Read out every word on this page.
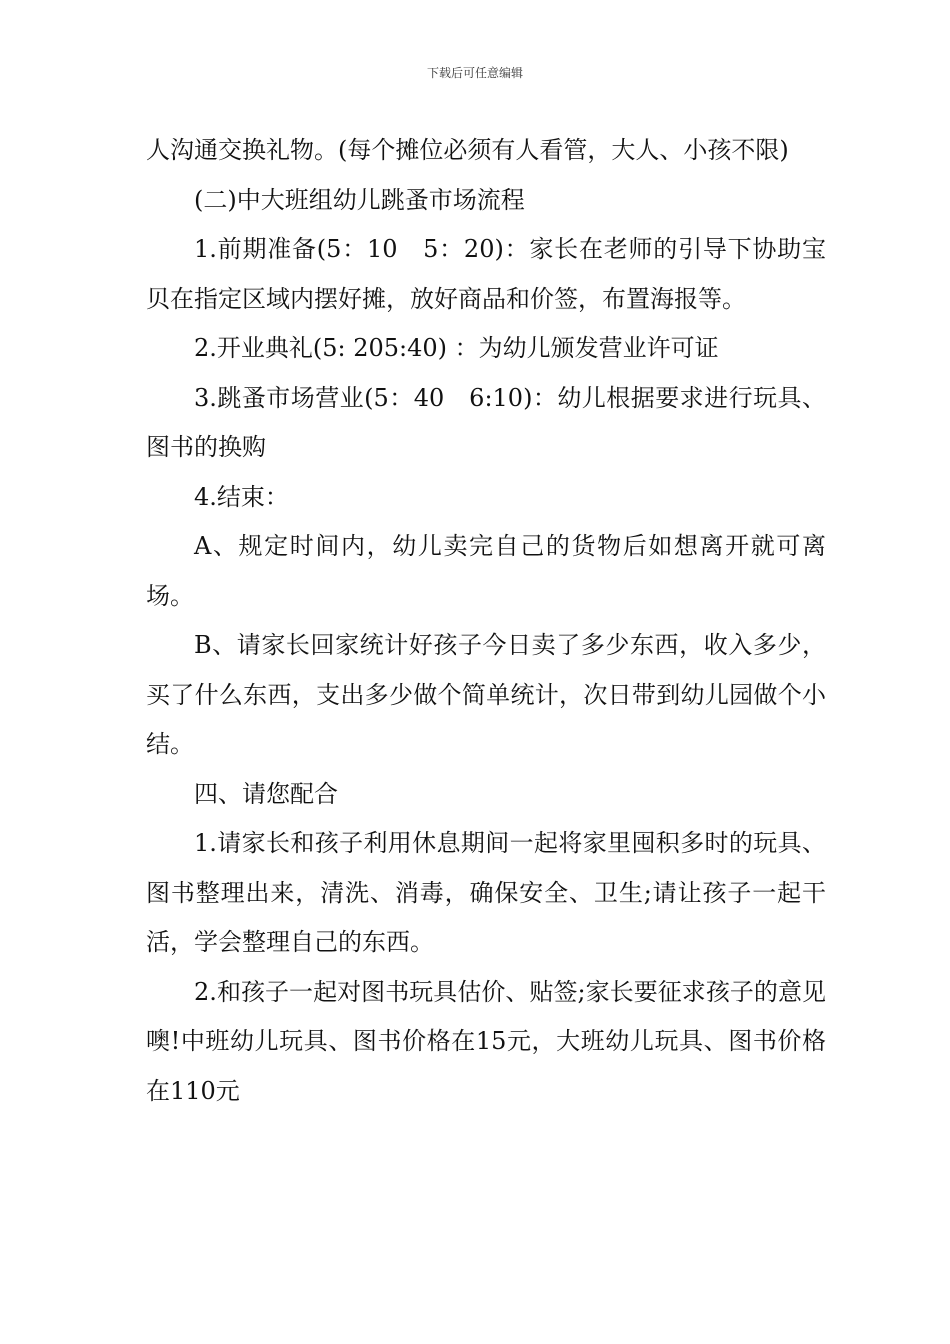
下载后可任意编辑

人沟通交换礼物。(每个摊位必须有人看管，大人、小孩不限)

(二)中大班组幼儿跳蚤市场流程

1.前期准备(5：10　5：20)：家长在老师的引导下协助宝贝在指定区域内摆好摊，放好商品和价签，布置海报等。

2.开业典礼(5: 205:40) ：为幼儿颁发营业许可证

3.跳蚤市场营业(5：40　6:10)：幼儿根据要求进行玩具、图书的换购

4.结束：

A、规定时间内，幼儿卖完自己的货物后如想离开就可离场。

B、请家长回家统计好孩子今日卖了多少东西，收入多少，买了什么东西，支出多少做个简单统计，次日带到幼儿园做个小结。

四、请您配合

1.请家长和孩子利用休息期间一起将家里囤积多时的玩具、图书整理出来，清洗、消毒，确保安全、卫生;请让孩子一起干活，学会整理自己的东西。

2.和孩子一起对图书玩具估价、贴签;家长要征求孩子的意见噢!中班幼儿玩具、图书价格在15元，大班幼儿玩具、图书价格在110元
